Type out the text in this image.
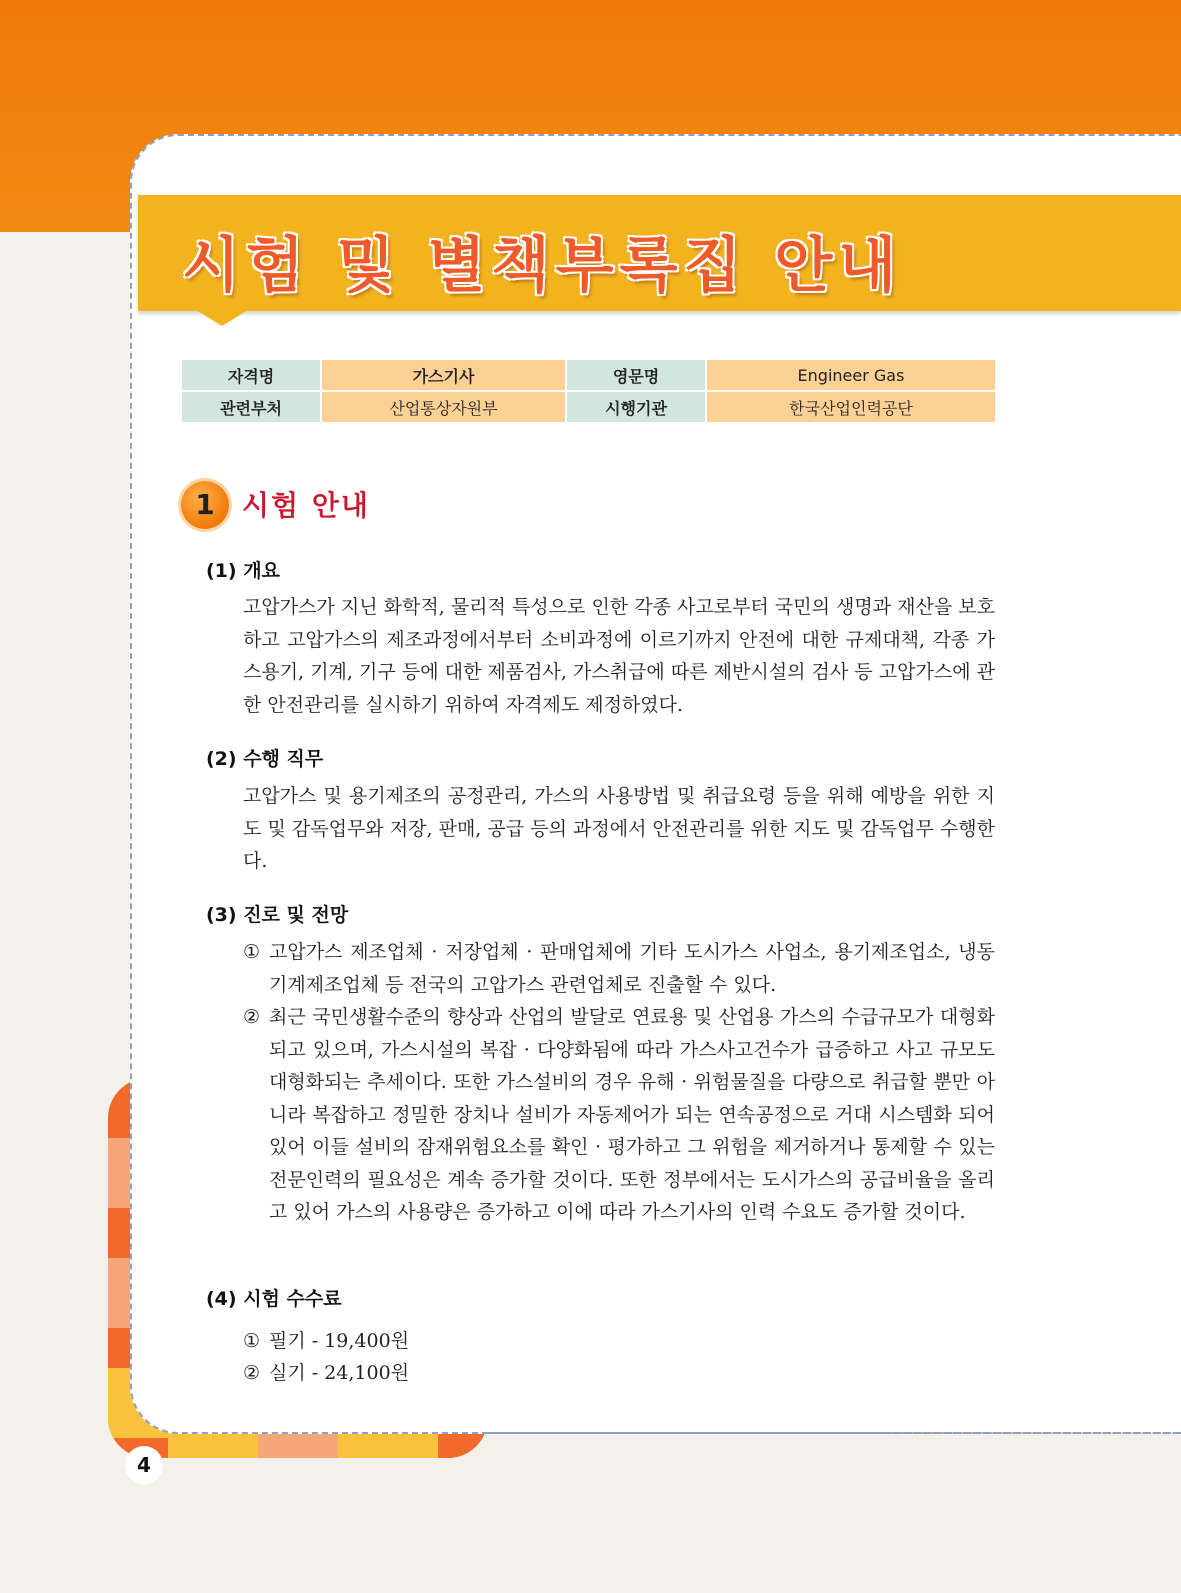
시험 및 별책부록집 안내
자격명	가스기사	영문명	Engineer Gas
관련부처	산업통상자원부	시행기관	한국산업인력공단
1 시험 안내
(1) 개요
고압가스가 지닌 화학적, 물리적 특성으로 인한 각종 사고로부터 국민의 생명과 재산을 보호하고 고압가스의 제조과정에서부터 소비과정에 이르기까지 안전에 대한 규제대책, 각종 가스용기, 기계, 기구 등에 대한 제품검사, 가스취급에 따른 제반시설의 검사 등 고압가스에 관한 안전관리를 실시하기 위하여 자격제도 제정하였다.
(2) 수행 직무
고압가스 및 용기제조의 공정관리, 가스의 사용방법 및 취급요령 등을 위해 예방을 위한 지도 및 감독업무와 저장, 판매, 공급 등의 과정에서 안전관리를 위한 지도 및 감독업무 수행한다.
(3) 진로 및 전망
① 고압가스 제조업체 · 저장업체 · 판매업체에 기타 도시가스 사업소, 용기제조업소, 냉동기계제조업체 등 전국의 고압가스 관련업체로 진출할 수 있다.
② 최근 국민생활수준의 향상과 산업의 발달로 연료용 및 산업용 가스의 수급규모가 대형화되고 있으며, 가스시설의 복잡 · 다양화됨에 따라 가스사고건수가 급증하고 사고 규모도 대형화되는 추세이다. 또한 가스설비의 경우 유해 · 위험물질을 다량으로 취급할 뿐만 아니라 복잡하고 정밀한 장치나 설비가 자동제어가 되는 연속공정으로 거대 시스템화 되어 있어 이들 설비의 잠재위험요소를 확인 · 평가하고 그 위험을 제거하거나 통제할 수 있는 전문인력의 필요성은 계속 증가할 것이다. 또한 정부에서는 도시가스의 공급비율을 올리고 있어 가스의 사용량은 증가하고 이에 따라 가스기사의 인력 수요도 증가할 것이다.
(4) 시험 수수료
① 필기 - 19,400원
② 실기 - 24,100원
4
